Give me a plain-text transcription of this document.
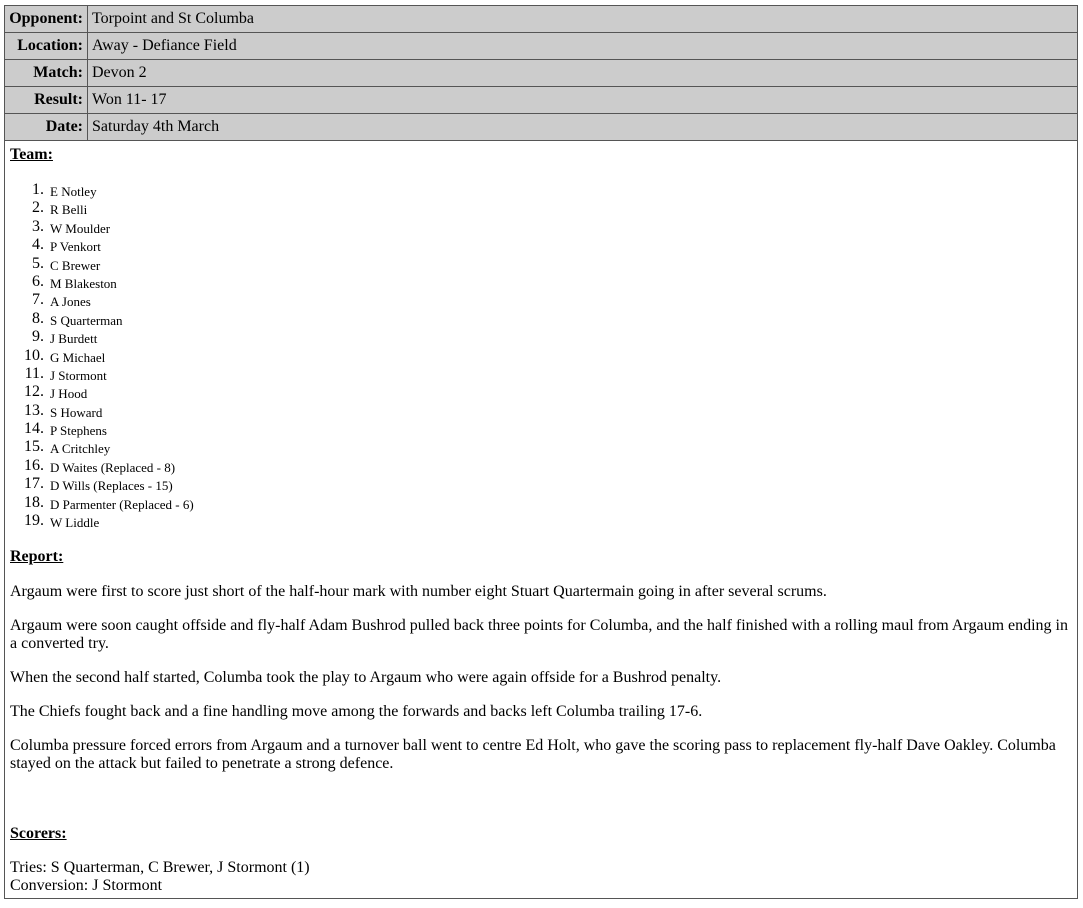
Opponent:	Torpoint and St Columba
Location:	Away - Defiance Field
Match:	Devon 2
Result:	Won 11- 17
Date:	Saturday 4th March
Team:
1. E Notley
2. R Belli
3. W Moulder
4. P Venkort
5. C Brewer
6. M Blakeston
7. A Jones
8. S Quarterman
9. J Burdett
10. G Michael
11. J Stormont
12. J Hood
13. S Howard
14. P Stephens
15. A Critchley
16. D Waites (Replaced - 8)
17. D Wills (Replaces - 15)
18. D Parmenter (Replaced - 6)
19. W Liddle
Report:
Argaum were first to score just short of the half-hour mark with number eight Stuart Quartermain going in after several scrums.
Argaum were soon caught offside and fly-half Adam Bushrod pulled back three points for Columba, and the half finished with a rolling maul from Argaum ending in a converted try.
When the second half started, Columba took the play to Argaum who were again offside for a Bushrod penalty.
The Chiefs fought back and a fine handling move among the forwards and backs left Columba trailing 17-6.
Columba pressure forced errors from Argaum and a turnover ball went to centre Ed Holt, who gave the scoring pass to replacement fly-half Dave Oakley. Columba stayed on the attack but failed to penetrate a strong defence.
Scorers:
Tries: S Quarterman, C Brewer, J Stormont (1)
Conversion: J Stormont
